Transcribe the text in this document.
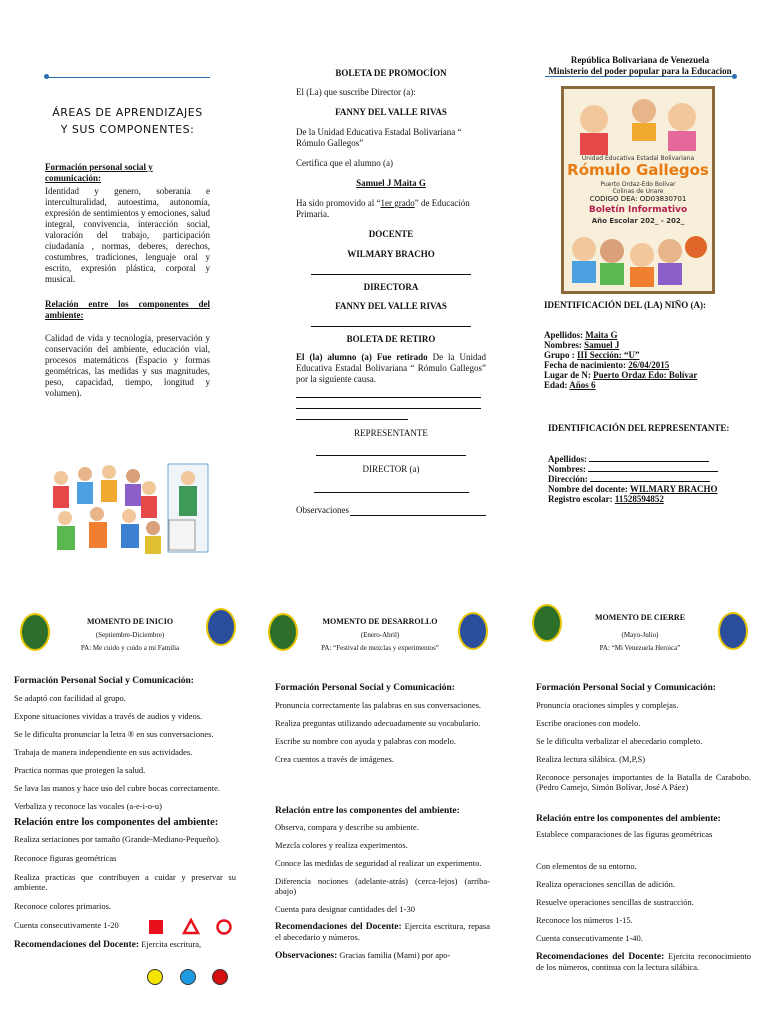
ÁREAS DE APRENDIZAJES Y SUS COMPONENTES:
Formación personal social y comunicación:
Identidad y genero, soberanía e interculturalidad, autoestima, autonomía, expresión de sentimientos y emociones, salud integral, convivencia, interacción social, valoración del trabajo, participación ciudadanía , normas, deberes, derechos, costumbres, tradiciones, lenguaje oral y escrito, expresión plástica, corporal y musical.
Relación entre los componentes del ambiente:
Calidad de vida y tecnología, preservación y conservación del ambiente, educación vial, procesos matemáticos (Espacio y formas geométricas, las medidas y sus magnitudes, peso, capacidad, tiempo, longitud y volumen).
BOLETA DE PROMOCÍON
El (La) que suscribe Director (a):
FANNY DEL VALLE RIVAS
De la Unidad Educativa Estadal Bolivariana “ Rómulo Gallegos”
Certifica que el alumno (a)
Samuel J Maita G
Ha sido promovido al “1er grado” de Educación Primaria.
DOCENTE
WILMARY BRACHO
DIRECTORA
FANNY DEL VALLE RIVAS
BOLETA DE RETIRO
El (la) alumno (a) Fue retirado De la Unidad Educativa Estadal Bolivariana “ Rómulo Gallegos” por la siguiente causa.
REPRESENTANTE
DIRECTOR (a)
Observaciones
República Bolivariana de Venezuela
Ministerio del poder popular para la Educacion
Unidad Educativa Estadal Bolivariana
Rómulo Gallegos
Puerto Ordaz-Edo Bolívar
Colinas de Unare
CODIGO DEA: OD03830701
Boletín Informativo
Año Escolar 202_ - 202_
IDENTIFICACIÓN DEL (LA) NIÑO (A):
Apellidos: Maita G
Nombres: Samuel J
Grupo : III Sección: “U”
Fecha de nacimiento: 26/04/2015
Lugar de N: Puerto Ordaz Edo: Bolívar
Edad: Años 6
IDENTIFICACIÓN DEL REPRESENTANTE:
Apellidos:
Nombres:
Dirección:
Nombre del docente: WILMARY BRACHO
Registro escolar: 11528594852
MOMENTO DE INICIO
(Septiembre-Diciembre)
PA: Me cuido y cuido a mi Familia
MOMENTO DE DESARROLLO
(Enero-Abril)
PA: “Festival de mezclas y experimentos”
MOMENTO DE CIERRE
(Mayo-Julio)
PA: “Mi Venezuela Heroica”
Formación Personal Social y Comunicación:
Se adaptó con facilidad al grupo.
Expone situaciones vividas a través de audios y videos.
Se le dificulta pronunciar la letra ® en sus conversaciones.
Trabaja de manera independiente en sus actividades.
Practica normas que protegen la salud.
Se lava las manos y hace uso del cubre bocas correctamente.
Verbaliza y reconoce las vocales (a-e-i-o-u)
Relación entre los componentes del ambiente:
Realiza seriaciones por tamaño (Grande-Mediano-Pequeño).
Reconoce figuras geométricas
Realiza practicas que contribuyen a cuidar y preservar su ambiente.
Reconoce colores primarios.
Cuenta consecutivamente 1-20
Recomendaciones del Docente: Ejercita escritura,
Formación Personal Social y Comunicación:
Pronuncia correctamente las palabras en sus conversaciones.
Realiza preguntas utilizando adecuadamente su vocabulario.
Escribe su nombre con ayuda y palabras con modelo.
Crea cuentos a través de imágenes.
Relación entre los componentes del ambiente:
Observa, compara y describe su ambiente.
Mezcla colores y realiza experimentos.
Conoce las medidas de seguridad al realizar un experimento.
Diferencia nociones (adelante-atrás) (cerca-lejos) (arriba-abajo)
Cuenta para designar cantidades del 1-30
Recomendaciones del Docente: Ejercita escritura, repasa el abecedario y números.
Observaciones: Gracias familia (Mami) por apo-
Formación Personal Social y Comunicación:
Pronuncia oraciones simples y complejas.
Escribe oraciones con modelo.
Se le dificulta verbalizar el abecedario completo.
Realiza lectura silábica. (M,P,S)
Reconoce personajes importantes de la Batalla de Carabobo. (Pedro Camejo, Simón Bolívar, José A Páez)
Relación entre los componentes del ambiente:
Establece comparaciones de las figuras geométricas
Con elementos de su entorno.
Realiza operaciones sencillas de adición.
Resuelve operaciones sencillas de sustracción.
Reconoce los números 1-15.
Cuenta consecutivamente 1-40.
Recomendaciones del Docente: Ejercita reconocimiento de los números, continua con la lectura silábica.
